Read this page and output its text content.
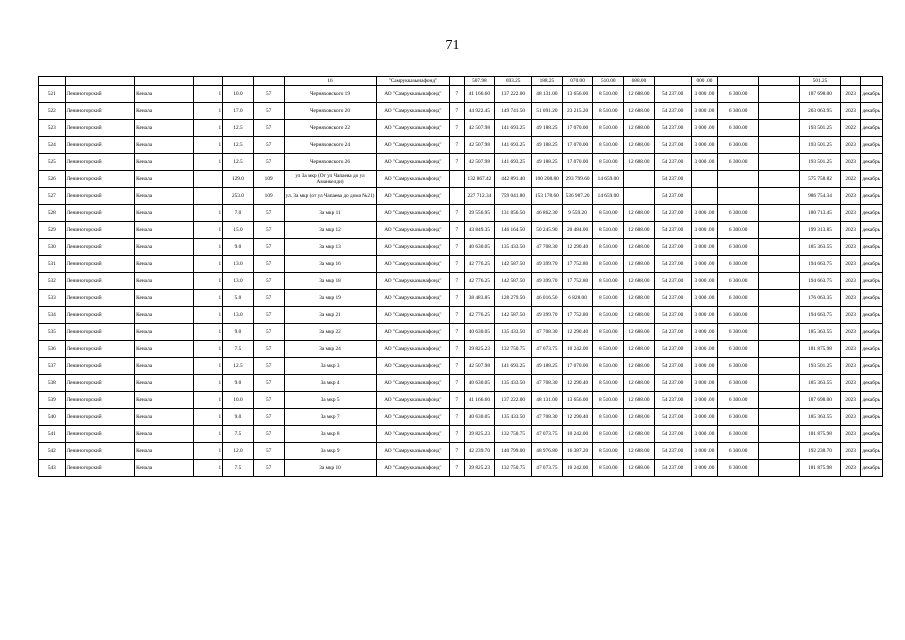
71
						16	"Самрукказынафонд"		507.98	693.25	188.25	070.00	510.00	688.00		000 .00			501.25		
521	Лениногорский	Кенала	1	10.0	57	Черняховского 19	АО "Самрукказынафонд"	7	41 166.60	137 222.00	48 131.00	13 656.00	8 510.00	12 688.00	54 237.00	3 000 .00	6 300.00		187 698.00	2023	декабрь
522	Лениногорский	Кенала	1	17.0	57	Черняховского 20	АО "Самрукказынафонд"	7	44 922.45	149 741.50	51 091.20	23 215.20	8 510.00	12 688.00	54 237.00	3 000 .00	6 300.00		203 063.95	2023	декабрь
523	Лениногорский	Кенала	1	12.5	57	Черняховского 22	АО "Самрукказынафонд"	7	42 507.98	141 693.25	49 188.25	17 070.00	8 510.00	12 688.00	54 237.00	3 000 .00	6 300.00		193 501.25	2022	декабрь
524	Лениногорский	Кенала	1	12.5	57	Черняховского 24	АО "Самрукказынафонд"	7	42 507.98	141 693.25	49 188.25	17 070.00	8 510.00	12 688.00	54 237.00	3 000 .00	6 300.00		193 501.25	2023	декабрь
525	Лениногорский	Кенала	1	12.5	57	Черняховского 26	АО "Самрукказынафонд"	7	42 507.98	141 693.25	49 188.25	17 070.00	8 510.00	12 688.00	54 237.00	3 000 .00	6 300.00		193 501.25	2023	декабрь
526	Лениногорский	Кенала		129.0	109	ул 3а мкр (От ул Чапаева до ул Аманкелди)	АО "Самрукказынафонд"		132 867.42	442 891.40	100 208.80	293 799.60	14 659.00		54 237.00				575 758.82	2022	декабрь
527	Лениногорский	Кенала		253.0	109	ул. 3а мкр (от ул Чапаева до домa №21)	АО "Самрукказынафонд"		227 712.34	759 041.80	153 178.60	536 987.20	14 659.00		54 237.00				986 754.34	2023	декабрь
528	Лениногорский	Кенала	1	7.0	57	3а мкр 11	АО "Самрукказынафонд"	7	39 556.95	131 856.50	46 862.30	9 559.20	8 510.00	12 688.00	54 237.00	3 000 .00	6 300.00		180 713.45	2023	декабрь
529	Лениногорский	Кенала	1	15.0	57	3а мкр 12	АО "Самрукказынафонд"	7	43 849.35	146 164.50	50 245.90	20 484.00	8 510.00	12 688.00	54 237.00	3 000 .00	6 300.00		199 313.85	2023	декабрь
530	Лениногорский	Кенала	1	9.0	57	3а мкр 13	АО "Самрукказынафонд"	7	40 630.05	135 433.50	47 708.30	12 290.40	8 510.00	12 688.00	54 237.00	3 000 .00	6 300.00		185 363.55	2023	декабрь
531	Лениногорский	Кенала	1	13.0	57	3а мкр 16	АО "Самрукказынафонд"	7	42 776.25	142 587.50	49 399.70	17 752.80	8 510.00	12 688.00	54 237.00	3 000 .00	6 300.00		194 663.75	2023	декабрь
532	Лениногорский	Кенала	1	13.0	57	3а мкр 18	АО "Самрукказынафонд"	7	42 776.25	142 587.50	49 399.70	17 752.80	8 510.00	12 688.00	54 237.00	3 000 .00	6 300.00		194 663.75	2023	декабрь
533	Лениногорский	Кенала	1	5.0	57	3а мкр 19	АО "Самрукказынафонд"	7	38 483.85	128 279.50	46 016.50	6 828.00	8 510.00	12 688.00	54 237.00	3 000 .00	6 300.00		176 063.35	2023	декабрь
534	Лениногорский	Кенала	1	13.0	57	3а мкр 21	АО "Самрукказынафонд"	7	42 776.25	142 587.50	49 399.70	17 752.80	8 510.00	12 688.00	54 237.00	3 000 .00	6 300.00		194 663.75	2023	декабрь
535	Лениногорский	Кенала	1	9.0	57	3а мкр 22	АО "Самрукказынафонд"	7	40 630.05	135 433.50	47 708.30	12 290.40	8 510.00	12 688.00	54 237.00	3 000 .00	6 300.00		185 363.55	2023	декабрь
536	Лениногорский	Кенала	1	7.5	57	3а мкр 24	АО "Самрукказынафонд"	7	39 825.23	132 750.75	47 073.75	10 242.00	8 510.00	12 688.00	54 237.00	3 000 .00	6 300.00		181 875.98	2023	декабрь
537	Лениногорский	Кенала	1	12.5	57	3а мкр 3	АО "Самрукказынафонд"	7	42 507.98	141 693.25	49 188.25	17 070.00	8 510.00	12 688.00	54 237.00	3 000 .00	6 300.00		193 501.25	2023	декабрь
538	Лениногорский	Кенала	1	9.0	57	3а мкр 4	АО "Самрукказынафонд"	7	40 630.05	135 433.50	47 708.30	12 290.40	8 510.00	12 688.00	54 237.00	3 000 .00	6 300.00		185 363.55	2023	декабрь
539	Лениногорский	Кенала	1	10.0	57	3а мкр 5	АО "Самрукказынафонд"	7	41 166.60	137 222.00	48 131.00	13 656.00	8 510.00	12 688.00	54 237.00	3 000 .00	6 300.00		187 698.00	2023	декабрь
540	Лениногорский	Кенала	1	9.0	57	3а мкр 7	АО "Самрукказынафонд"	7	40 630.05	135 433.50	47 708.30	12 290.40	8 510.00	12 688.00	54 237.00	3 000 .00	6 300.00		185 363.55	2023	декабрь
541	Лениногорский	Кенала	1	7.5	57	3а мкр 8	АО "Самрукказынафонд"	7	39 825.23	132 750.75	47 073.75	10 242.00	8 510.00	12 688.00	54 237.00	3 000 .00	6 300.00		181 875.98	2023	декабрь
542	Лениногорский	Кенала	1	12.0	57	3а мкр 9	АО "Самрукказынафонд"	7	42 239.70	140 799.00	48 976.80	16 387.20	8 510.00	12 688.00	54 237.00	3 000 .00	6 300.00		192 238.70	2023	декабрь
543	Лениногорский	Кенала	1	7.5	57	3а мкр 10	АО "Самрукказынафонд"	7	39 825.23	132 750.75	47 073.75	10 242.00	8 510.00	12 688.00	54 237.00	3 000 .00	6 300.00		181 875.98	2023	декабрь
